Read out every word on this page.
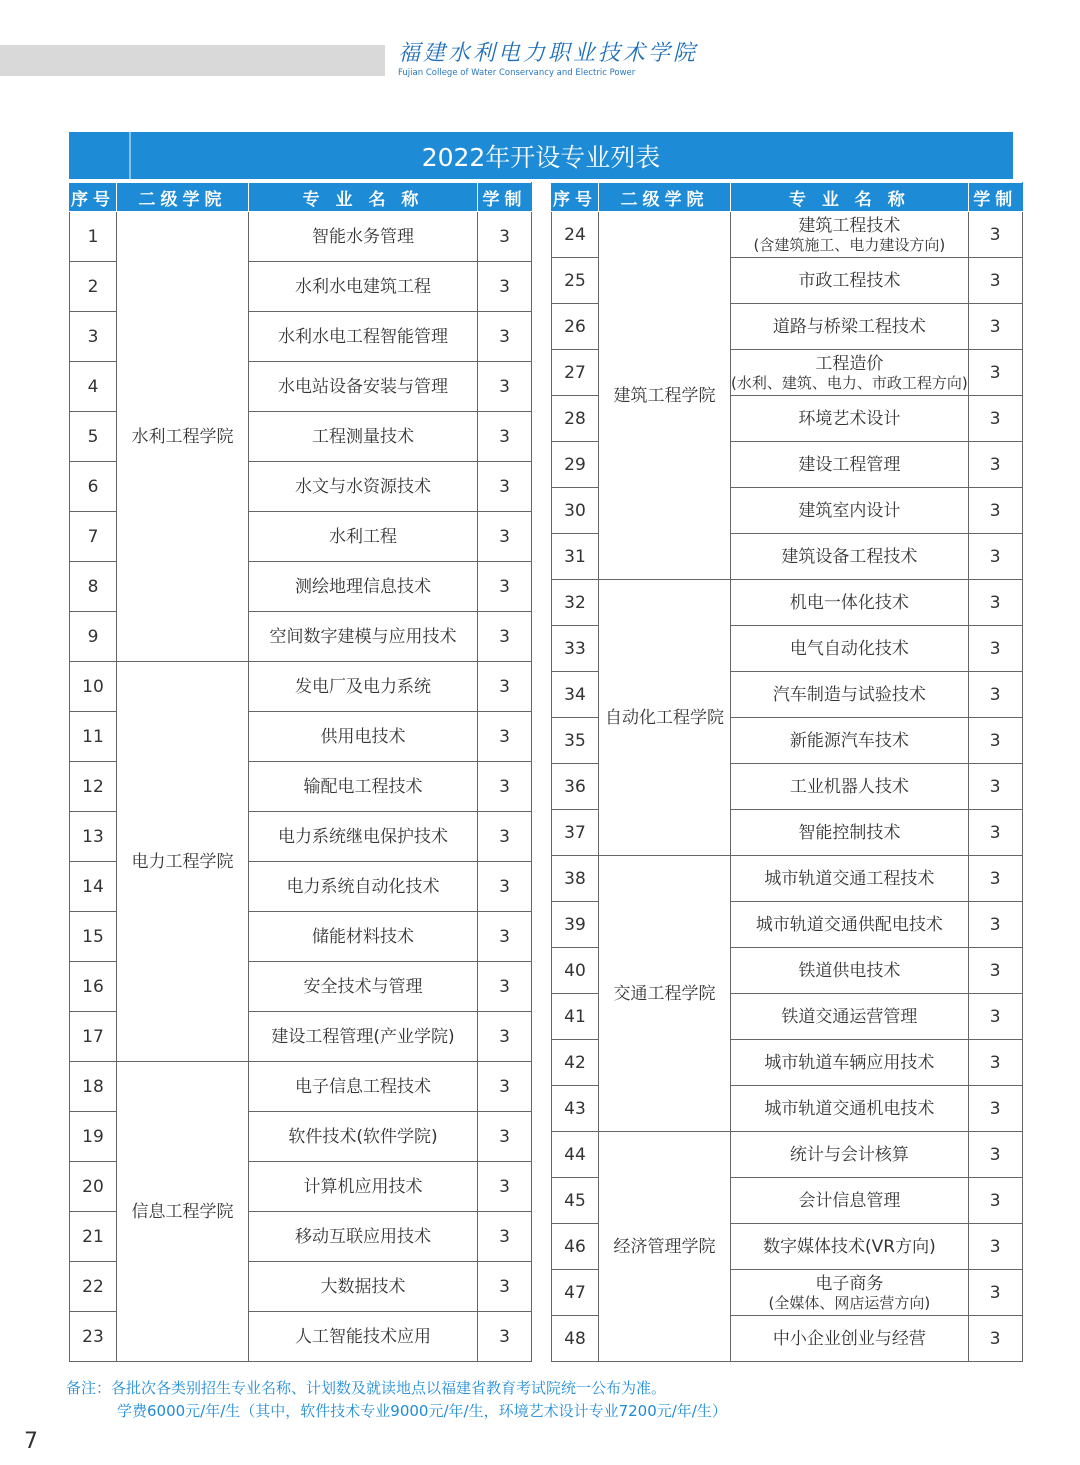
福建水利电力职业技术学院
Fujian College of Water Conservancy and Electric Power
2022年开设专业列表
序号	二级学院	专 业 名 称	学制
1	水利工程学院	智能水务管理	3
2		水利水电建筑工程	3
3		水利水电工程智能管理	3
4		水电站设备安装与管理	3
5		工程测量技术	3
6		水文与水资源技术	3
7		水利工程	3
8		测绘地理信息技术	3
9		空间数字建模与应用技术	3
10	电力工程学院	发电厂及电力系统	3
11		供用电技术	3
12		输配电工程技术	3
13		电力系统继电保护技术	3
14		电力系统自动化技术	3
15		储能材料技术	3
16		安全技术与管理	3
17		建设工程管理(产业学院)	3
18	信息工程学院	电子信息工程技术	3
19		软件技术(软件学院)	3
20		计算机应用技术	3
21		移动互联应用技术	3
22		大数据技术	3
23		人工智能技术应用	3
序号	二级学院	专 业 名 称	学制
24	建筑工程学院	建筑工程技术
(含建筑施工、电力建设方向)	3
25		市政工程技术	3
26		道路与桥梁工程技术	3
27		工程造价
(水利、建筑、电力、市政工程方向)	3
28		环境艺术设计	3
29		建设工程管理	3
30		建筑室内设计	3
31		建筑设备工程技术	3
32	自动化工程学院	机电一体化技术	3
33		电气自动化技术	3
34		汽车制造与试验技术	3
35		新能源汽车技术	3
36		工业机器人技术	3
37		智能控制技术	3
38	交通工程学院	城市轨道交通工程技术	3
39		城市轨道交通供配电技术	3
40		铁道供电技术	3
41		铁道交通运营管理	3
42		城市轨道车辆应用技术	3
43		城市轨道交通机电技术	3
44	经济管理学院	统计与会计核算	3
45		会计信息管理	3
46		数字媒体技术(VR方向)	3
47		电子商务
(全媒体、网店运营方向)	3
48		中小企业创业与经营	3
备注：各批次各类别招生专业名称、计划数及就读地点以福建省教育考试院统一公布为准。
学费6000元/年/生（其中，软件技术专业9000元/年/生，环境艺术设计专业7200元/年/生）
7
